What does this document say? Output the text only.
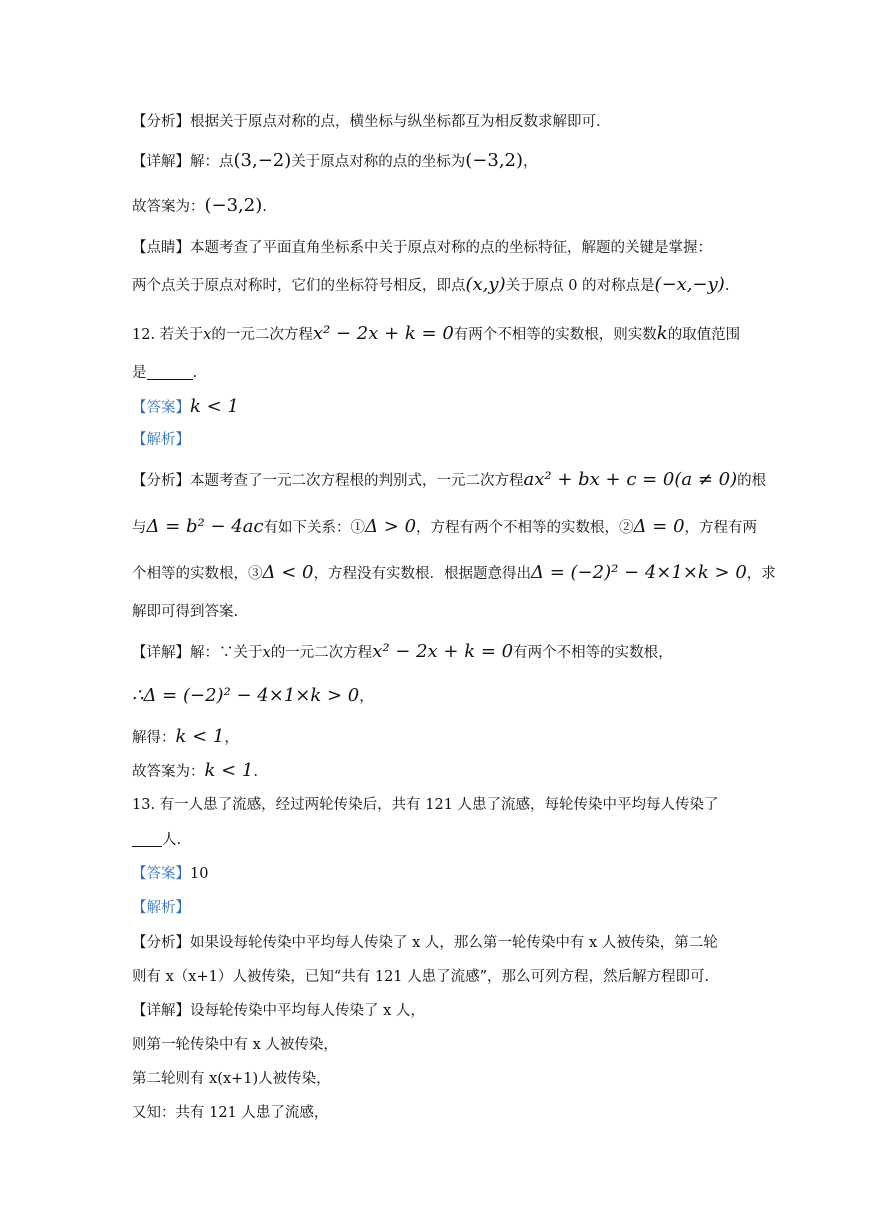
【分析】根据关于原点对称的点，横坐标与纵坐标都互为相反数求解即可.
【详解】解：点(3,−2)关于原点对称的点的坐标为(−3,2)，
故答案为：(−3,2).
【点睛】本题考查了平面直角坐标系中关于原点对称的点的坐标特征，解题的关键是掌握：
两个点关于原点对称时，它们的坐标符号相反，即点(x,y)关于原点 0 的对称点是(−x,−y).
12. 若关于x的一元二次方程x² − 2x + k = 0有两个不相等的实数根，则实数k的取值范围
是	.
【答案】k < 1
【解析】
【分析】本题考查了一元二次方程根的判别式，一元二次方程ax² + bx + c = 0(a ≠ 0)的根
与Δ = b² − 4ac有如下关系：①Δ > 0，方程有两个不相等的实数根，②Δ = 0，方程有两
个相等的实数根，③Δ < 0，方程没有实数根．根据题意得出Δ = (−2)² − 4×1×k > 0，求
解即可得到答案.
【详解】解：∵关于x的一元二次方程x² − 2x + k = 0有两个不相等的实数根，
∴Δ = (−2)² − 4×1×k > 0，
解得：k < 1，
故答案为：k < 1.
13. 有一人患了流感，经过两轮传染后，共有 121 人患了流感，每轮传染中平均每人传染了
人.
【答案】10
【解析】
【分析】如果设每轮传染中平均每人传染了 x 人，那么第一轮传染中有 x 人被传染，第二轮
则有 x（x+1）人被传染，已知“共有 121 人患了流感”，那么可列方程，然后解方程即可.
【详解】设每轮传染中平均每人传染了 x 人，
则第一轮传染中有 x 人被传染，
第二轮则有 x(x+1)人被传染，
又知：共有 121 人患了流感，
